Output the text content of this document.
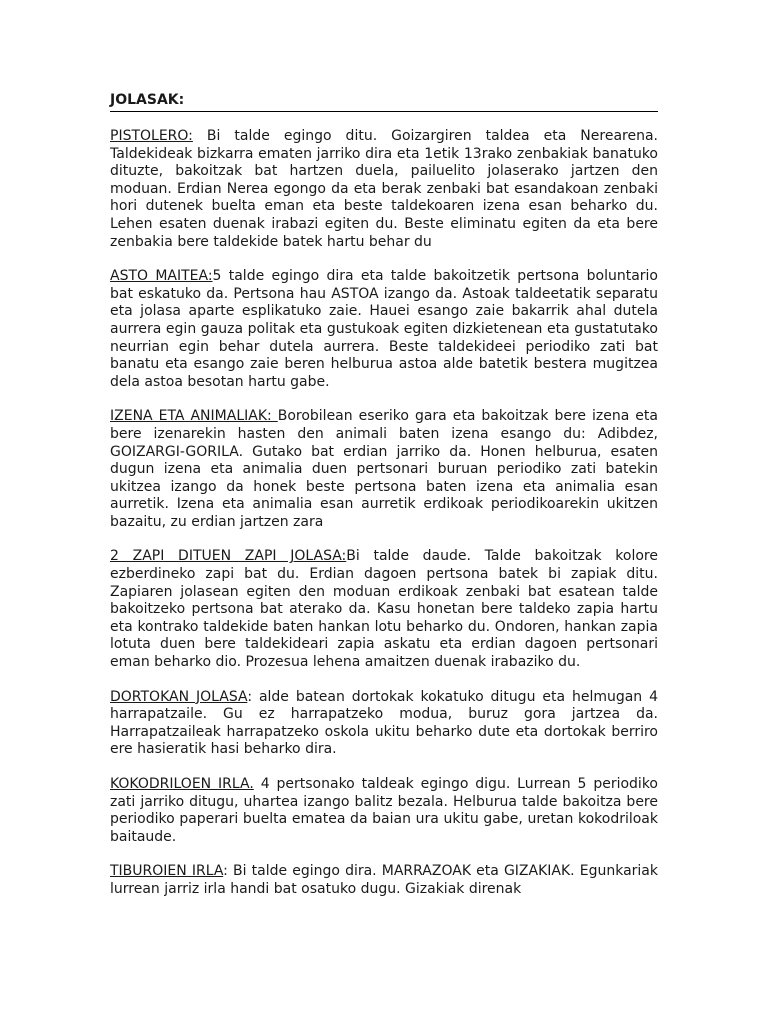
JOLASAK:

PISTOLERO: Bi talde egingo ditu. Goizargiren taldea eta Nerearena. Taldekideak bizkarra ematen jarriko dira eta 1etik 13rako zenbakiak banatuko dituzte, bakoitzak bat hartzen duela, pailuelito jolaserako jartzen den moduan. Erdian Nerea egongo da eta berak zenbaki bat esandakoan zenbaki hori dutenek buelta eman eta beste taldekoaren izena esan beharko du. Lehen esaten duenak irabazi egiten du. Beste eliminatu egiten da eta bere zenbakia bere taldekide batek hartu behar du

ASTO MAITEA:5 talde egingo dira eta talde bakoitzetik pertsona boluntario bat eskatuko da. Pertsona hau ASTOA izango da. Astoak taldeetatik separatu eta jolasa aparte esplikatuko zaie. Hauei esango zaie bakarrik ahal dutela aurrera egin gauza politak eta gustukoak egiten dizkietenean eta gustatutako neurrian egin behar dutela aurrera. Beste taldekideei periodiko zati bat banatu eta esango zaie beren helburua astoa alde batetik bestera mugitzea dela astoa besotan hartu gabe.

IZENA ETA ANIMALIAK: Borobilean eseriko gara eta bakoitzak bere izena eta bere izenarekin hasten den animali baten izena esango du: Adibdez, GOIZARGI-GORILA. Gutako bat erdian jarriko da. Honen helburua, esaten dugun izena eta animalia duen pertsonari buruan periodiko zati batekin ukitzea izango da honek beste pertsona baten izena eta animalia esan aurretik. Izena eta animalia esan aurretik erdikoak periodikoarekin ukitzen bazaitu, zu erdian jartzen zara

2 ZAPI DITUEN ZAPI JOLASA:Bi talde daude. Talde bakoitzak kolore ezberdineko zapi bat du. Erdian dagoen pertsona batek bi zapiak ditu. Zapiaren jolasean egiten den moduan erdikoak zenbaki bat esatean talde bakoitzeko pertsona bat aterako da. Kasu honetan bere taldeko zapia hartu eta kontrako taldekide baten hankan lotu beharko du. Ondoren, hankan zapia lotuta duen bere taldekideari zapia askatu eta erdian dagoen pertsonari eman beharko dio. Prozesua lehena amaitzen duenak irabaziko du.

DORTOKAN JOLASA: alde batean dortokak kokatuko ditugu eta helmugan 4 harrapatzaile. Gu ez harrapatzeko modua, buruz gora jartzea da. Harrapatzaileak harrapatzeko oskola ukitu beharko dute eta dortokak berriro ere hasieratik hasi beharko dira.

KOKODRILOEN IRLA. 4 pertsonako taldeak egingo digu. Lurrean 5 periodiko zati jarriko ditugu, uhartea izango balitz bezala. Helburua talde bakoitza bere periodiko paperari buelta ematea da baian ura ukitu gabe, uretan kokodriloak baitaude.

TIBUROIEN IRLA: Bi talde egingo dira. MARRAZOAK eta GIZAKIAK. Egunkariak lurrean jarriz irla handi bat osatuko dugu. Gizakiak direnak
